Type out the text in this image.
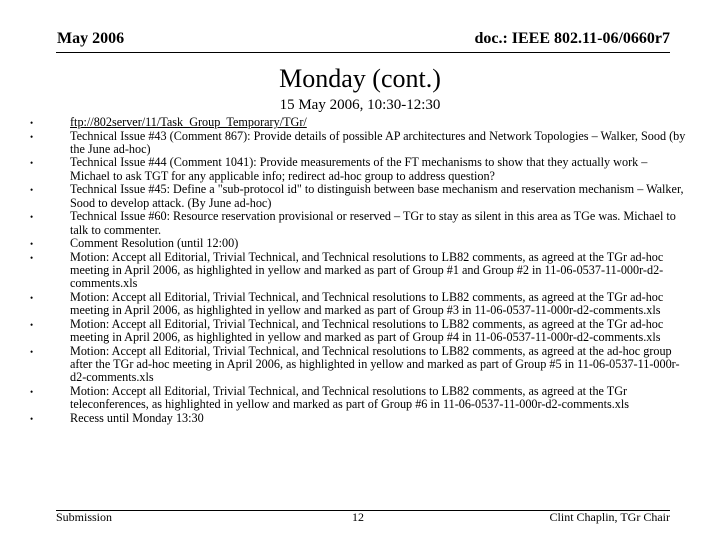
May 2006	doc.: IEEE 802.11-06/0660r7
Monday (cont.)
15 May 2006, 10:30-12:30
•	ftp://802server/11/Task_Group_Temporary/TGr/
•	Technical Issue #43 (Comment 867): Provide details of possible AP architectures and Network Topologies – Walker, Sood (by the June ad-hoc)
•	Technical Issue #44 (Comment 1041): Provide measurements of the FT mechanisms to show that they actually work – Michael to ask TGT for any applicable info; redirect ad-hoc group to address question?
•	Technical Issue #45: Define a "sub-protocol id" to distinguish between base mechanism and reservation mechanism – Walker, Sood to develop attack. (By June ad-hoc)
•	Technical Issue #60: Resource reservation provisional or reserved – TGr to stay as silent in this area as TGe was. Michael to talk to commenter.
•	Comment Resolution (until 12:00)
•	Motion: Accept all Editorial, Trivial Technical, and Technical resolutions to LB82 comments, as agreed at the TGr ad-hoc meeting in April 2006, as highlighted in yellow and marked as part of Group #1 and Group #2 in 11-06-0537-11-000r-d2-comments.xls
•	Motion: Accept all Editorial, Trivial Technical, and Technical resolutions to LB82 comments, as agreed at the TGr ad-hoc meeting in April 2006, as highlighted in yellow and marked as part of Group #3 in 11-06-0537-11-000r-d2-comments.xls
•	Motion: Accept all Editorial, Trivial Technical, and Technical resolutions to LB82 comments, as agreed at the TGr ad-hoc meeting in April 2006, as highlighted in yellow and marked as part of Group #4 in 11-06-0537-11-000r-d2-comments.xls
•	Motion: Accept all Editorial, Trivial Technical, and Technical resolutions to LB82 comments, as agreed at the ad-hoc group after the TGr ad-hoc meeting in April 2006, as highlighted in yellow and marked as part of Group #5 in 11-06-0537-11-000r-d2-comments.xls
•	Motion: Accept all Editorial, Trivial Technical, and Technical resolutions to LB82 comments, as agreed at the TGr teleconferences, as highlighted in yellow and marked as part of Group #6 in 11-06-0537-11-000r-d2-comments.xls
•	Recess until Monday 13:30
Submission	12	Clint Chaplin, TGr Chair
